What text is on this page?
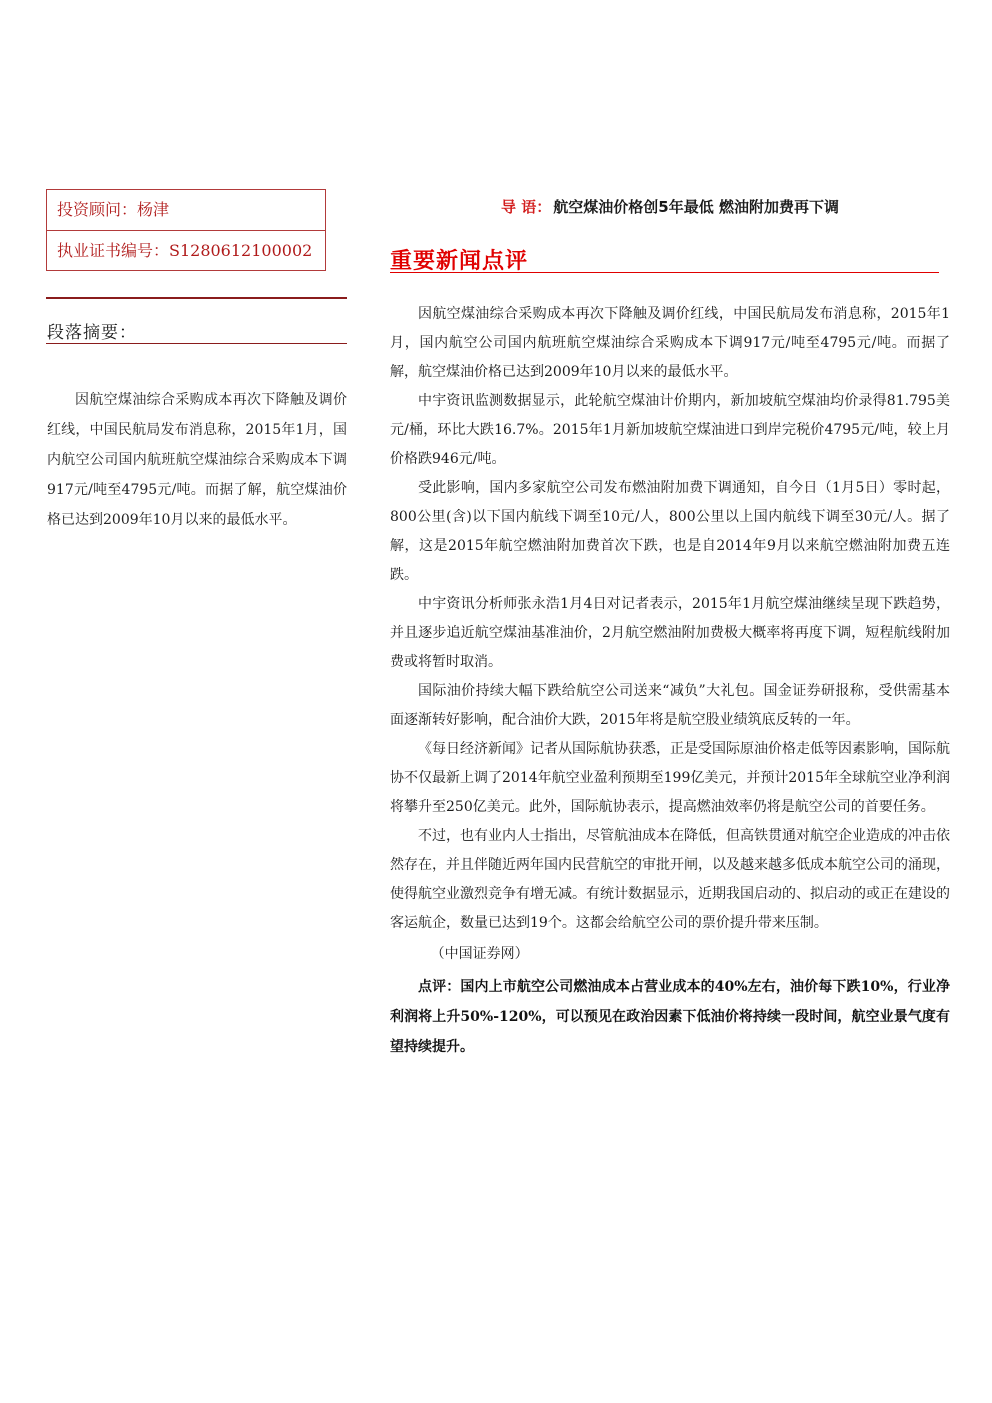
投资顾问：杨津
执业证书编号：S1280612100002
段落摘要：
因航空煤油综合采购成本再次下降触及调价红线，中国民航局发布消息称，2015年1月，国内航空公司国内航班航空煤油综合采购成本下调917元/吨至4795元/吨。而据了解，航空煤油价格已达到2009年10月以来的最低水平。
导 语： 航空煤油价格创5年最低 燃油附加费再下调
重要新闻点评

因航空煤油综合采购成本再次下降触及调价红线，中国民航局发布消息称，2015年1月，国内航空公司国内航班航空煤油综合采购成本下调917元/吨至4795元/吨。而据了解，航空煤油价格已达到2009年10月以来的最低水平。

中宇资讯监测数据显示，此轮航空煤油计价期内，新加坡航空煤油均价录得81.795美元/桶，环比大跌16.7%。2015年1月新加坡航空煤油进口到岸完税价4795元/吨，较上月价格跌946元/吨。

受此影响，国内多家航空公司发布燃油附加费下调通知，自今日（1月5日）零时起，800公里(含)以下国内航线下调至10元/人，800公里以上国内航线下调至30元/人。据了解，这是2015年航空燃油附加费首次下跌，也是自2014年9月以来航空燃油附加费五连跌。

中宇资讯分析师张永浩1月4日对记者表示，2015年1月航空煤油继续呈现下跌趋势，并且逐步追近航空煤油基准油价，2月航空燃油附加费极大概率将再度下调，短程航线附加费或将暂时取消。

国际油价持续大幅下跌给航空公司送来“减负”大礼包。国金证券研报称，受供需基本面逐渐转好影响，配合油价大跌，2015年将是航空股业绩筑底反转的一年。

《每日经济新闻》记者从国际航协获悉，正是受国际原油价格走低等因素影响，国际航协不仅最新上调了2014年航空业盈利预期至199亿美元，并预计2015年全球航空业净利润将攀升至250亿美元。此外，国际航协表示，提高燃油效率仍将是航空公司的首要任务。

不过，也有业内人士指出，尽管航油成本在降低，但高铁贯通对航空企业造成的冲击依然存在，并且伴随近两年国内民营航空的审批开闸，以及越来越多低成本航空公司的涌现，使得航空业激烈竞争有增无减。有统计数据显示，近期我国启动的、拟启动的或正在建设的客运航企，数量已达到19个。这都会给航空公司的票价提升带来压制。

（中国证券网）

点评：国内上市航空公司燃油成本占营业成本的40%左右，油价每下跌10%，行业净利润将上升50%-120%，可以预见在政治因素下低油价将持续一段时间，航空业景气度有望持续提升。
